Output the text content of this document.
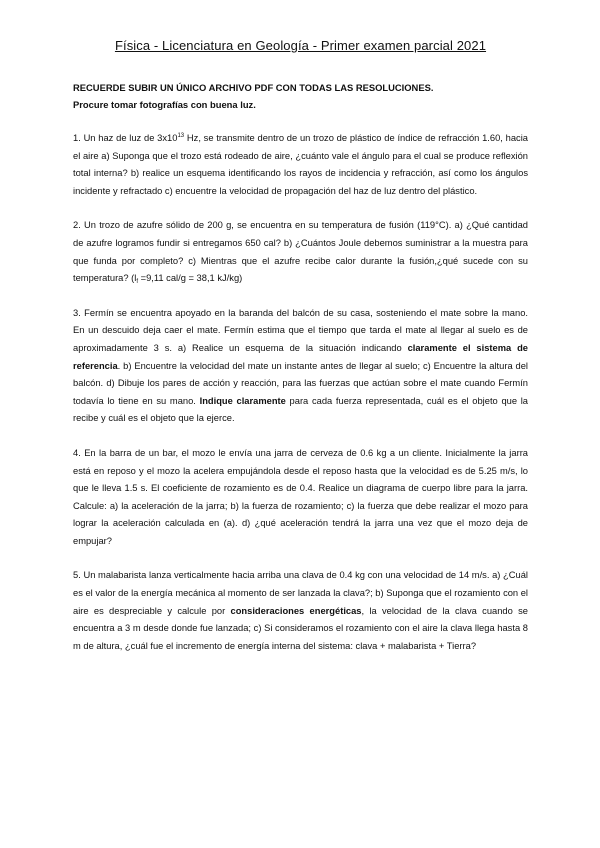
Física - Licenciatura en Geología - Primer examen parcial 2021
RECUERDE SUBIR UN ÚNICO ARCHIVO PDF CON TODAS LAS RESOLUCIONES.
Procure tomar fotografías con buena luz.

1. Un haz de luz de $3x10^{13}$ Hz, se transmite dentro de un trozo de plástico de índice de refracción 1.60, hacia el aire a) Suponga que el trozo está rodeado de aire, ¿cuánto vale el ángulo para el cual se produce reflexión total interna? b) realice un esquema identificando los rayos de incidencia y refracción, así como los ángulos incidente y refractado c) encuentre la velocidad de propagación del haz de luz dentro del plástico.

2. Un trozo de azufre sólido de 200 g, se encuentra en su temperatura de fusión (119°C). a) ¿Qué cantidad de azufre logramos fundir si entregamos 650 cal? b) ¿Cuántos Joule debemos suministrar a la muestra para que funda por completo? c) Mientras que el azufre recibe calor durante la fusión,¿qué sucede con su temperatura? ($l_f =9,11$ cal/g = 38,1 kJ/kg)

3. Fermín se encuentra apoyado en la baranda del balcón de su casa, sosteniendo el mate sobre la mano. En un descuido deja caer el mate. Fermín estima que el tiempo que tarda el mate al llegar al suelo es de aproximadamente 3 s. a) Realice un esquema de la situación indicando claramente el sistema de referencia. b) Encuentre la velocidad del mate un instante antes de llegar al suelo; c) Encuentre la altura del balcón. d) Dibuje los pares de acción y reacción, para las fuerzas que actúan sobre el mate cuando Fermín todavía lo tiene en su mano. Indique claramente para cada fuerza representada, cuál es el objeto que la recibe y cuál es el objeto que la ejerce.

4. En la barra de un bar, el mozo le envía una jarra de cerveza de 0.6 kg a un cliente. Inicialmente la jarra está en reposo y el mozo la acelera empujándola desde el reposo hasta que la velocidad es de 5.25 m/s, lo que le lleva 1.5 s. El coeficiente de rozamiento es de 0.4. Realice un diagrama de cuerpo libre para la jarra. Calcule: a) la aceleración de la jarra; b) la fuerza de rozamiento; c) la fuerza que debe realizar el mozo para lograr la aceleración calculada en (a). d) ¿qué aceleración tendrá la jarra una vez que el mozo deja de empujar?

5. Un malabarista lanza verticalmente hacia arriba una clava de 0.4 kg con una velocidad de 14 m/s. a) ¿Cuál es el valor de la energía mecánica al momento de ser lanzada la clava?; b) Suponga que el rozamiento con el aire es despreciable y calcule por consideraciones energéticas, la velocidad de la clava cuando se encuentra a 3 m desde donde fue lanzada; c) Si consideramos el rozamiento con el aire la clava llega hasta 8 m de altura, ¿cuál fue el incremento de energía interna del sistema: clava + malabarista + Tierra?
